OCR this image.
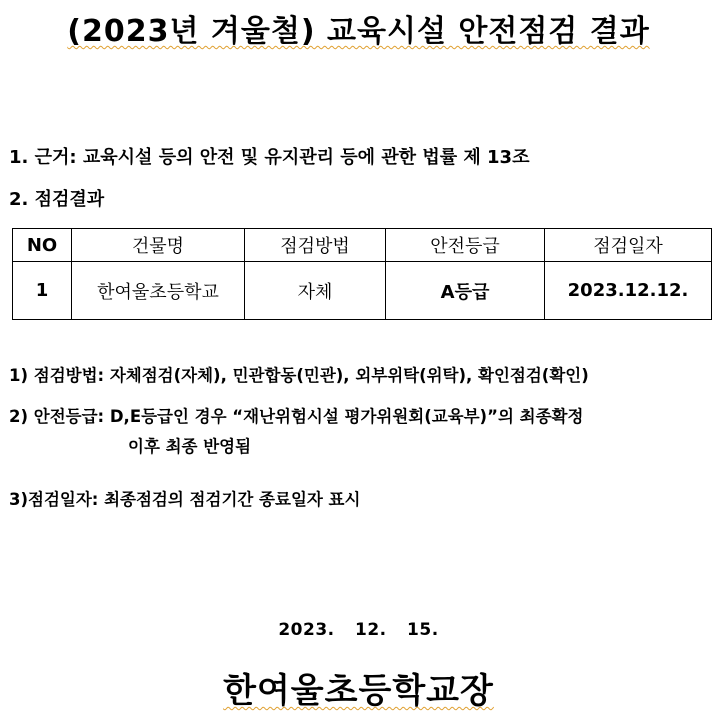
(2023년 겨울철) 교육시설 안전점검 결과
1. 근거: 교육시설 등의 안전 및 유지관리 등에 관한 법률 제 13조
2. 점검결과
NO	건물명	점검방법	안전등급	점검일자
1	한여울초등학교	자체	A등급	2023.12.12.
1) 점검방법: 자체점검(자체), 민관합동(민관), 외부위탁(위탁), 확인점검(확인)
2) 안전등급: D,E등급인 경우 “재난위험시설 평가위원회(교육부)”의 최종확정
이후 최종 반영됨
3)점검일자: 최종점검의 점검기간 종료일자 표시
2023. 12. 15.
한여울초등학교장
